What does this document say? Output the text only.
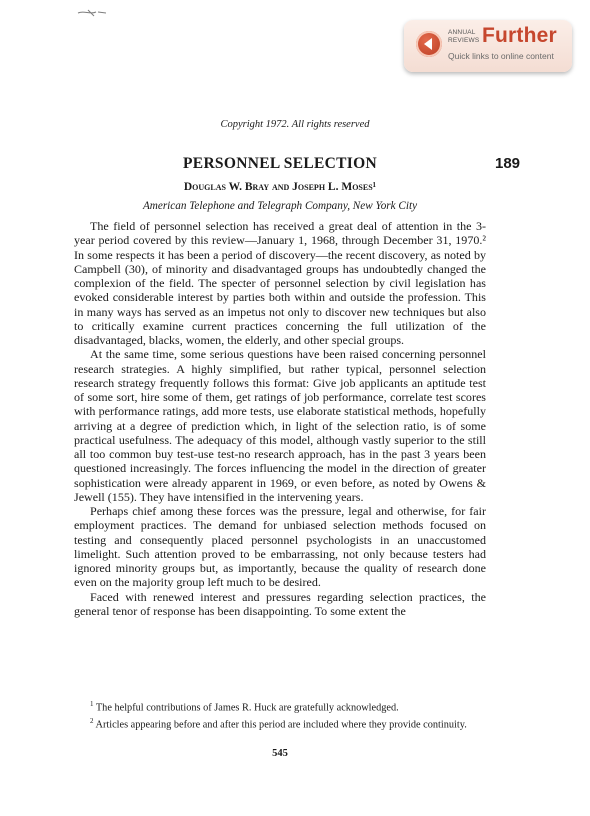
ANNUAL
REVIEWS Further
Quick links to online content
Copyright 1972. All rights reserved
PERSONNEL SELECTION	189
Douglas W. Bray and Joseph L. Moses¹
American Telephone and Telegraph Company, New York City

The field of personnel selection has received a great deal of attention in the 3-year period covered by this review—January 1, 1968, through December 31, 1970.² In some respects it has been a period of discovery—the recent discovery, as noted by Campbell (30), of minority and disadvantaged groups has undoubtedly changed the complexion of the field. The specter of personnel selection by civil legislation has evoked considerable interest by parties both within and outside the profession. This in many ways has served as an impetus not only to discover new techniques but also to critically examine current practices concerning the full utilization of the disadvantaged, blacks, women, the elderly, and other special groups.

At the same time, some serious questions have been raised concerning personnel research strategies. A highly simplified, but rather typical, personnel selection research strategy frequently follows this format: Give job applicants an aptitude test of some sort, hire some of them, get ratings of job performance, correlate test scores with performance ratings, add more tests, use elaborate statistical methods, hopefully arriving at a degree of prediction which, in light of the selection ratio, is of some practical usefulness. The adequacy of this model, although vastly superior to the still all too common buy test-use test-no research approach, has in the past 3 years been questioned increasingly. The forces influencing the model in the direction of greater sophistication were already apparent in 1969, or even before, as noted by Owens & Jewell (155). They have intensified in the intervening years.

Perhaps chief among these forces was the pressure, legal and otherwise, for fair employment practices. The demand for unbiased selection methods focused on testing and consequently placed personnel psychologists in an unaccustomed limelight. Such attention proved to be embarrassing, not only because testers had ignored minority groups but, as importantly, because the quality of research done even on the majority group left much to be desired.

Faced with renewed interest and pressures regarding selection practices, the general tenor of response has been disappointing. To some extent the

$^1$ The helpful contributions of James R. Huck are gratefully acknowledged.

$^2$ Articles appearing before and after this period are included where they provide continuity.

545
